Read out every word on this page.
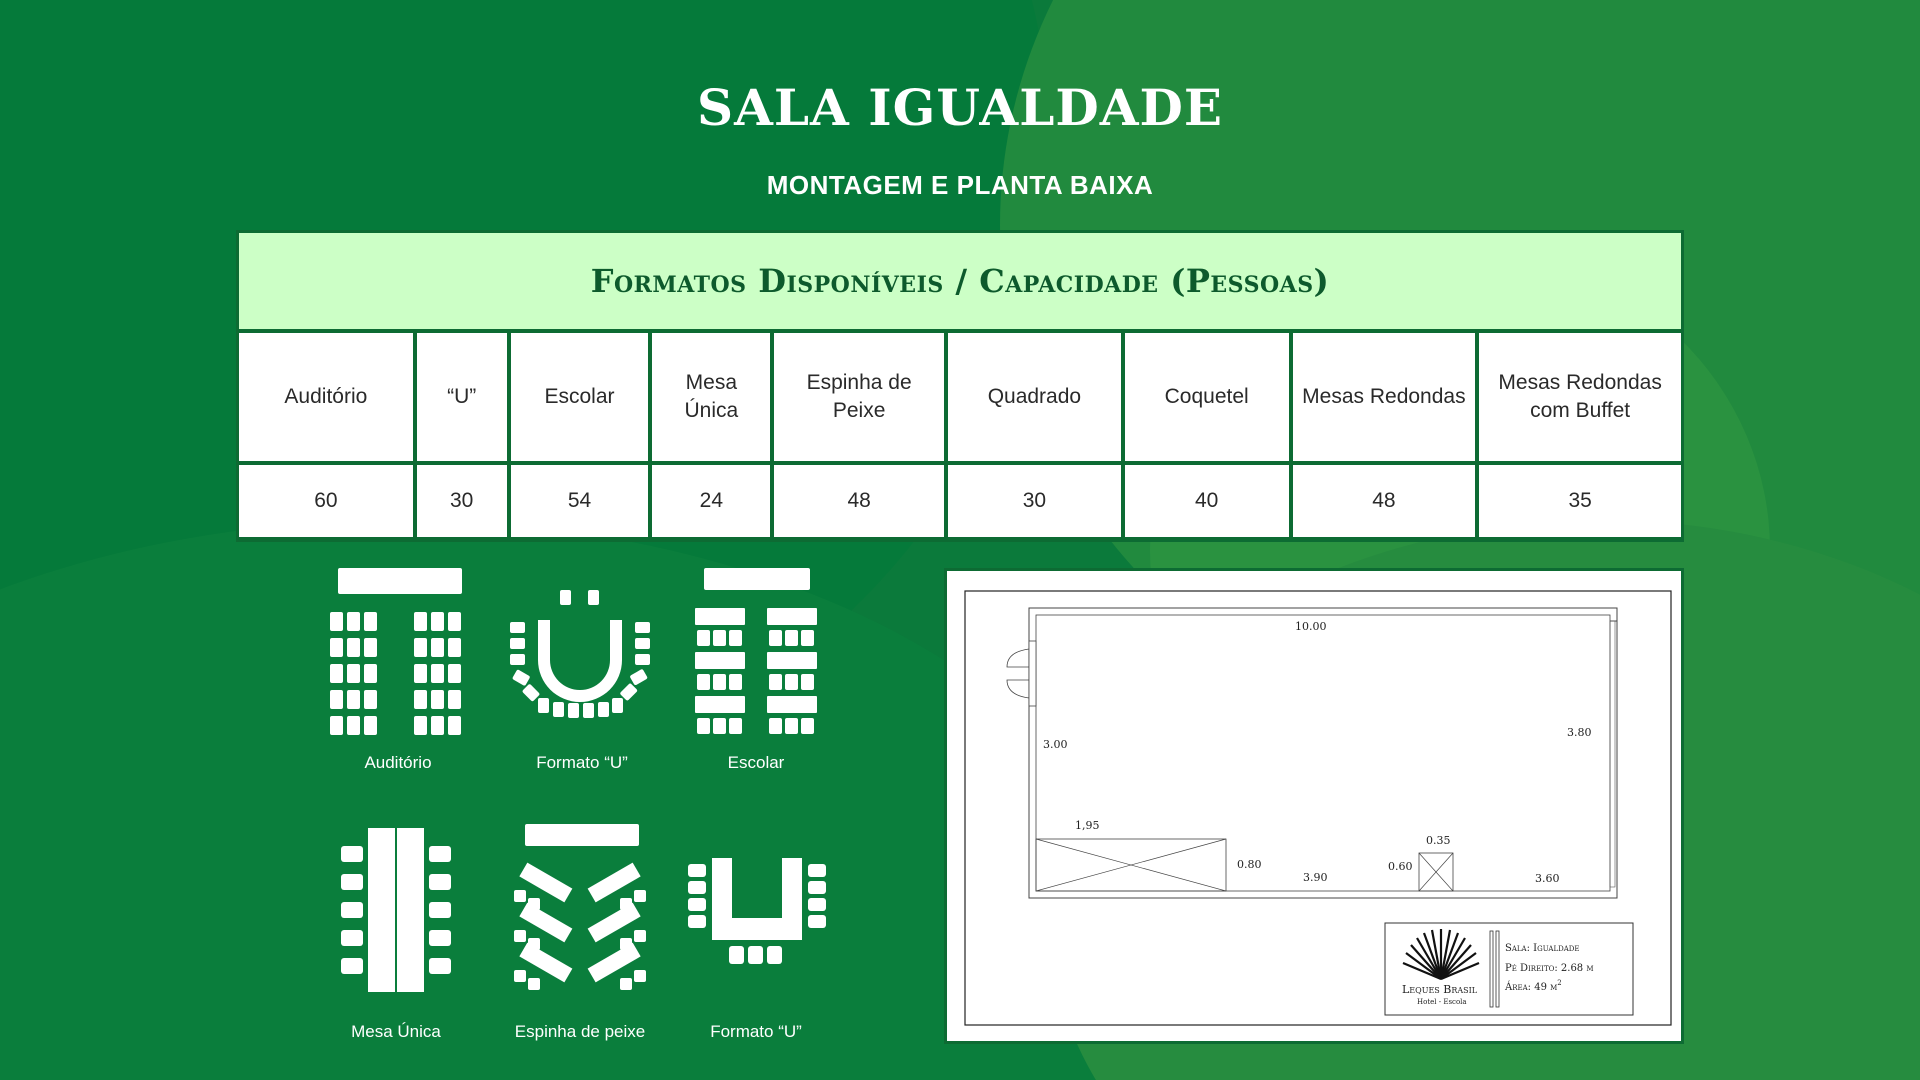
SALA IGUALDADE
MONTAGEM E PLANTA BAIXA
Formatos Disponíveis / Capacidade (Pessoas)
Auditório
60
“U”
30
Escolar
54
Mesa Única
24
Espinha de Peixe
48
Quadrado
30
Coquetel
40
Mesas Redondas
48
Mesas Redondas com Buffet
35
Auditório	Formato “U”	Escolar
Mesa Única	Espinha de peixe	Formato “U”
10.00
3.00
3.80
1,95
0.80
3.90
0.60
0.35
3.60
Leques Brasil
Hotel - Escola
Sala: Igualdade
Pé Direito: 2.68 m
Área: 49 $m^2$
